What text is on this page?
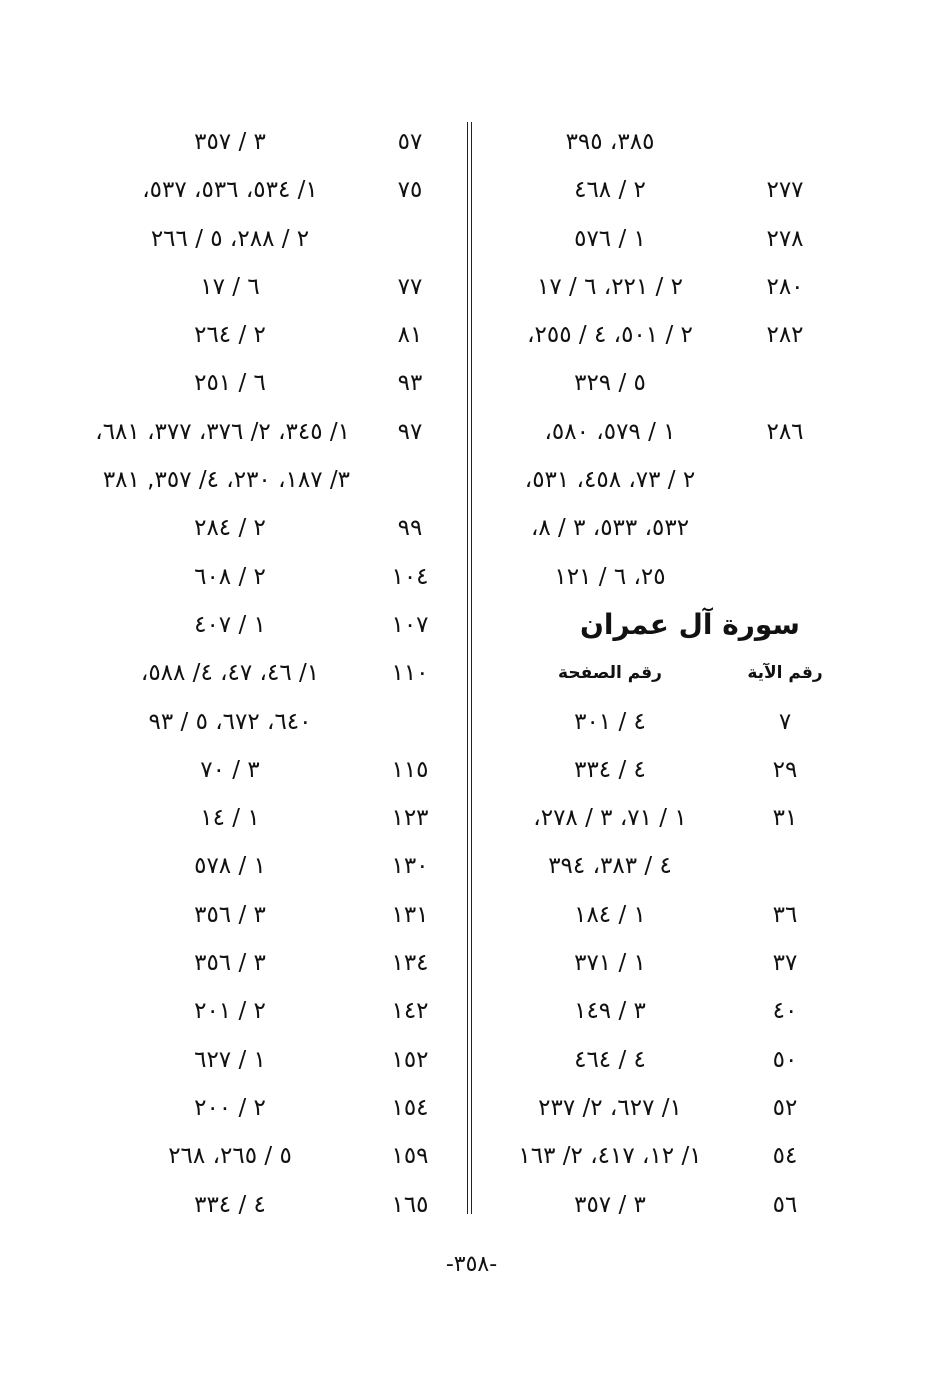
٣٨٥، ٣٩٥
٢٧٧
٢ / ٤٦٨
٢٧٨
١ / ٥٧٦
٢٨٠
٢ / ٢٢١، ٦ / ١٧
٢٨٢
٢ / ٥٠١، ٤ / ٢٥٥،
٥ / ٣٢٩
٢٨٦
١ / ٥٧٩، ٥٨٠،
٢ / ٧٣، ٤٥٨، ٥٣١،
٥٣٢، ٥٣٣، ٣ / ٨،
٢٥، ٦ / ١٢١
سورة آل عمران
رقم الآية
رقم الصفحة
٧
٤ / ٣٠١
٢٩
٤ / ٣٣٤
٣١
١ / ٧١، ٣ / ٢٧٨،
٤ / ٣٨٣، ٣٩٤
٣٦
١ / ١٨٤
٣٧
١ / ٣٧١
٤٠
٣ / ١٤٩
٥٠
٤ / ٤٦٤
٥٢
١/ ٦٢٧، ٢/ ٢٣٧
٥٤
١/ ١٢، ٤١٧، ٢/ ١٦٣
٥٦
٣ / ٣٥٧
٥٧
٣ / ٣٥٧
٧٥
١/ ٥٣٤، ٥٣٦، ٥٣٧،
٢ / ٢٨٨، ٥ / ٢٦٦
٧٧
٦ / ١٧
٨١
٢ / ٢٦٤
٩٣
٦ / ٢٥١
٩٧
١/ ٣٤٥، ٢/ ٣٧٦، ٣٧٧، ٦٨١،
٣/ ١٨٧، ٢٣٠، ٤/ ٣٥٧, ٣٨١
٩٩
٢ / ٢٨٤
١٠٤
٢ / ٦٠٨
١٠٧
١ / ٤٠٧
١١٠
١/ ٤٦، ٤٧، ٤/ ٥٨٨،
٦٤٠، ٦٧٢، ٥ / ٩٣
١١٥
٣ / ٧٠
١٢٣
١ / ١٤
١٣٠
١ / ٥٧٨
١٣١
٣ / ٣٥٦
١٣٤
٣ / ٣٥٦
١٤٢
٢ / ٢٠١
١٥٢
١ / ٦٢٧
١٥٤
٢ / ٢٠٠
١٥٩
٥ / ٢٦٥، ٢٦٨
١٦٥
٤ / ٣٣٤
-٣٥٨-
